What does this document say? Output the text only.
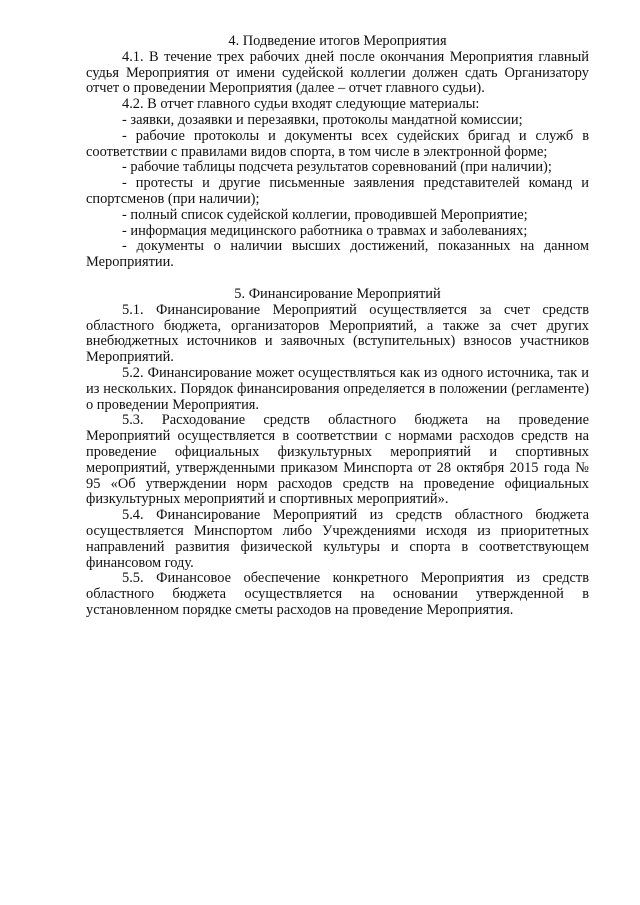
4. Подведение итогов Мероприятия
4.1. В течение трех рабочих дней после окончания Мероприятия главный судья Мероприятия от имени судейской коллегии должен сдать Организатору отчет о проведении Мероприятия (далее – отчет главного судьи).
4.2. В отчет главного судьи входят следующие материалы:
- заявки, дозаявки и перезаявки, протоколы мандатной комиссии;
- рабочие протоколы и документы всех судейских бригад и служб в соответствии с правилами видов спорта, в том числе в электронной форме;
- рабочие таблицы подсчета результатов соревнований (при наличии);
- протесты и другие письменные заявления представителей команд и спортсменов (при наличии);
- полный список судейской коллегии, проводившей Мероприятие;
- информация медицинского работника о травмах и заболеваниях;
- документы о наличии высших достижений, показанных на данном Мероприятии.
5. Финансирование Мероприятий
5.1. Финансирование Мероприятий осуществляется за счет средств областного бюджета, организаторов Мероприятий, а также за счет других внебюджетных источников и заявочных (вступительных) взносов участников Мероприятий.
5.2. Финансирование может осуществляться как из одного источника, так и из нескольких. Порядок финансирования определяется в положении (регламенте) о проведении Мероприятия.
5.3. Расходование средств областного бюджета на проведение Мероприятий осуществляется в соответствии с нормами расходов средств на проведение официальных физкультурных мероприятий и спортивных мероприятий, утвержденными приказом Минспорта от 28 октября 2015 года № 95 «Об утверждении норм расходов средств на проведение официальных физкультурных мероприятий и спортивных мероприятий».
5.4. Финансирование Мероприятий из средств областного бюджета осуществляется Минспортом либо Учреждениями исходя из приоритетных направлений развития физической культуры и спорта в соответствующем финансовом году.
5.5. Финансовое обеспечение конкретного Мероприятия из средств областного бюджета осуществляется на основании утвержденной в установленном порядке сметы расходов на проведение Мероприятия.
